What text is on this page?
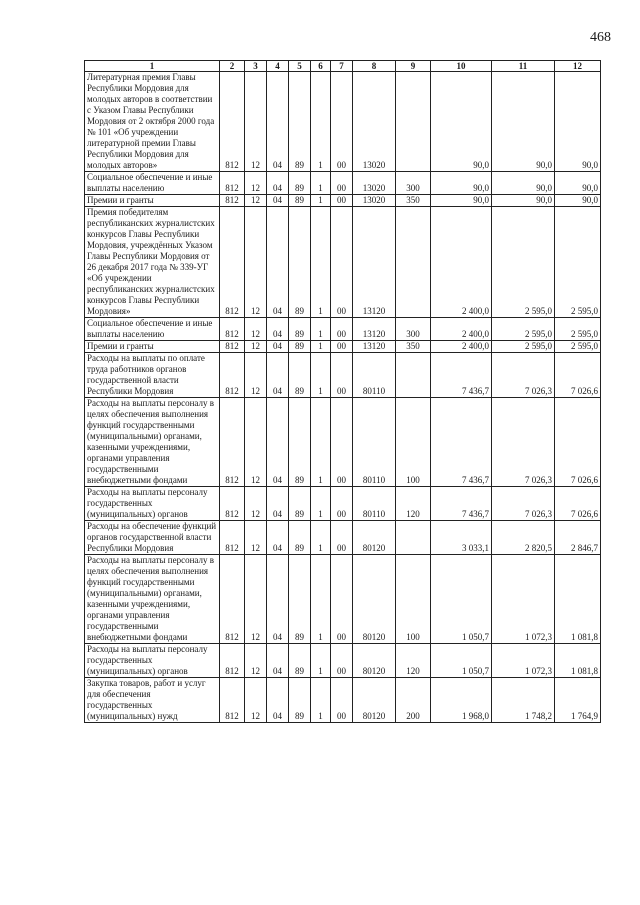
468
1	2	3	4	5	6	7	8	9	10	11	12
Литературная премия Главы Республики Мордовия для молодых авторов в соответствии с Указом Главы Республики Мордовия от 2 октября 2000 года № 101 «Об учреждении литературной премии Главы Республики Мордовия для молодых авторов»	812	12	04	89	1	00	13020		90,0	90,0	90,0
Социальное обеспечение и иные выплаты населению	812	12	04	89	1	00	13020	300	90,0	90,0	90,0
Премии и гранты	812	12	04	89	1	00	13020	350	90,0	90,0	90,0
Премия победителям республиканских журналистских конкурсов Главы Республики Мордовия, учреждённых Указом Главы Республики Мордовия от 26 декабря 2017 года № 339-УГ «Об учреждении республиканских журналистских конкурсов Главы Республики Мордовия»	812	12	04	89	1	00	13120		2 400,0	2 595,0	2 595,0
Социальное обеспечение и иные выплаты населению	812	12	04	89	1	00	13120	300	2 400,0	2 595,0	2 595,0
Премии и гранты	812	12	04	89	1	00	13120	350	2 400,0	2 595,0	2 595,0
Расходы на выплаты по оплате труда работников органов государственной власти Республики Мордовия	812	12	04	89	1	00	80110		7 436,7	7 026,3	7 026,6
Расходы на выплаты персоналу в целях обеспечения выполнения функций государственными (муниципальными) органами, казенными учреждениями, органами управления государственными внебюджетными фондами	812	12	04	89	1	00	80110	100	7 436,7	7 026,3	7 026,6
Расходы на выплаты персоналу государственных (муниципальных) органов	812	12	04	89	1	00	80110	120	7 436,7	7 026,3	7 026,6
Расходы на обеспечение функций органов государственной власти Республики Мордовия	812	12	04	89	1	00	80120		3 033,1	2 820,5	2 846,7
Расходы на выплаты персоналу в целях обеспечения выполнения функций государственными (муниципальными) органами, казенными учреждениями, органами управления государственными внебюджетными фондами	812	12	04	89	1	00	80120	100	1 050,7	1 072,3	1 081,8
Расходы на выплаты персоналу государственных (муниципальных) органов	812	12	04	89	1	00	80120	120	1 050,7	1 072,3	1 081,8
Закупка товаров, работ и услуг для обеспечения государственных (муниципальных) нужд	812	12	04	89	1	00	80120	200	1 968,0	1 748,2	1 764,9
